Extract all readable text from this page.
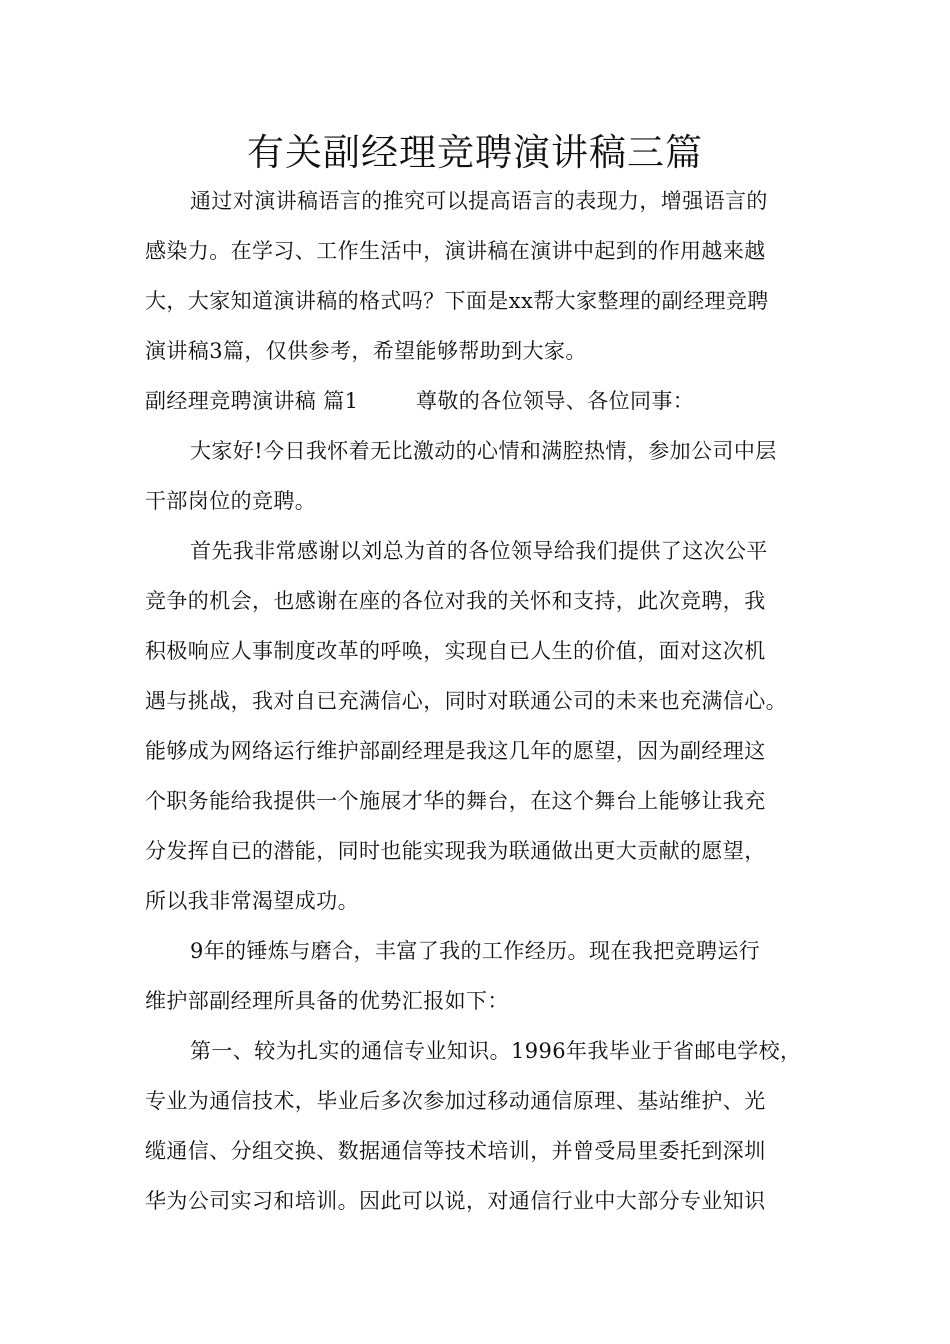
有关副经理竞聘演讲稿三篇
通过对演讲稿语言的推究可以提高语言的表现力，增强语言的
感染力。在学习、工作生活中，演讲稿在演讲中起到的作用越来越
大，大家知道演讲稿的格式吗？下面是xx帮大家整理的副经理竞聘
演讲稿3篇，仅供参考，希望能够帮助到大家。
副经理竞聘演讲稿 篇1	尊敬的各位领导、各位同事：
大家好!今日我怀着无比激动的心情和满腔热情，参加公司中层
干部岗位的竞聘。
首先我非常感谢以刘总为首的各位领导给我们提供了这次公平
竞争的机会，也感谢在座的各位对我的关怀和支持，此次竞聘，我
积极响应人事制度改革的呼唤，实现自已人生的价值，面对这次机
遇与挑战，我对自已充满信心，同时对联通公司的未来也充满信心。
能够成为网络运行维护部副经理是我这几年的愿望，因为副经理这
个职务能给我提供一个施展才华的舞台，在这个舞台上能够让我充
分发挥自已的潜能，同时也能实现我为联通做出更大贡献的愿望，
所以我非常渴望成功。
9年的锤炼与磨合，丰富了我的工作经历。现在我把竞聘运行
维护部副经理所具备的优势汇报如下：
第一、较为扎实的通信专业知识。1996年我毕业于省邮电学校，
专业为通信技术，毕业后多次参加过移动通信原理、基站维护、光
缆通信、分组交换、数据通信等技术培训，并曾受局里委托到深圳
华为公司实习和培训。因此可以说，对通信行业中大部分专业知识
